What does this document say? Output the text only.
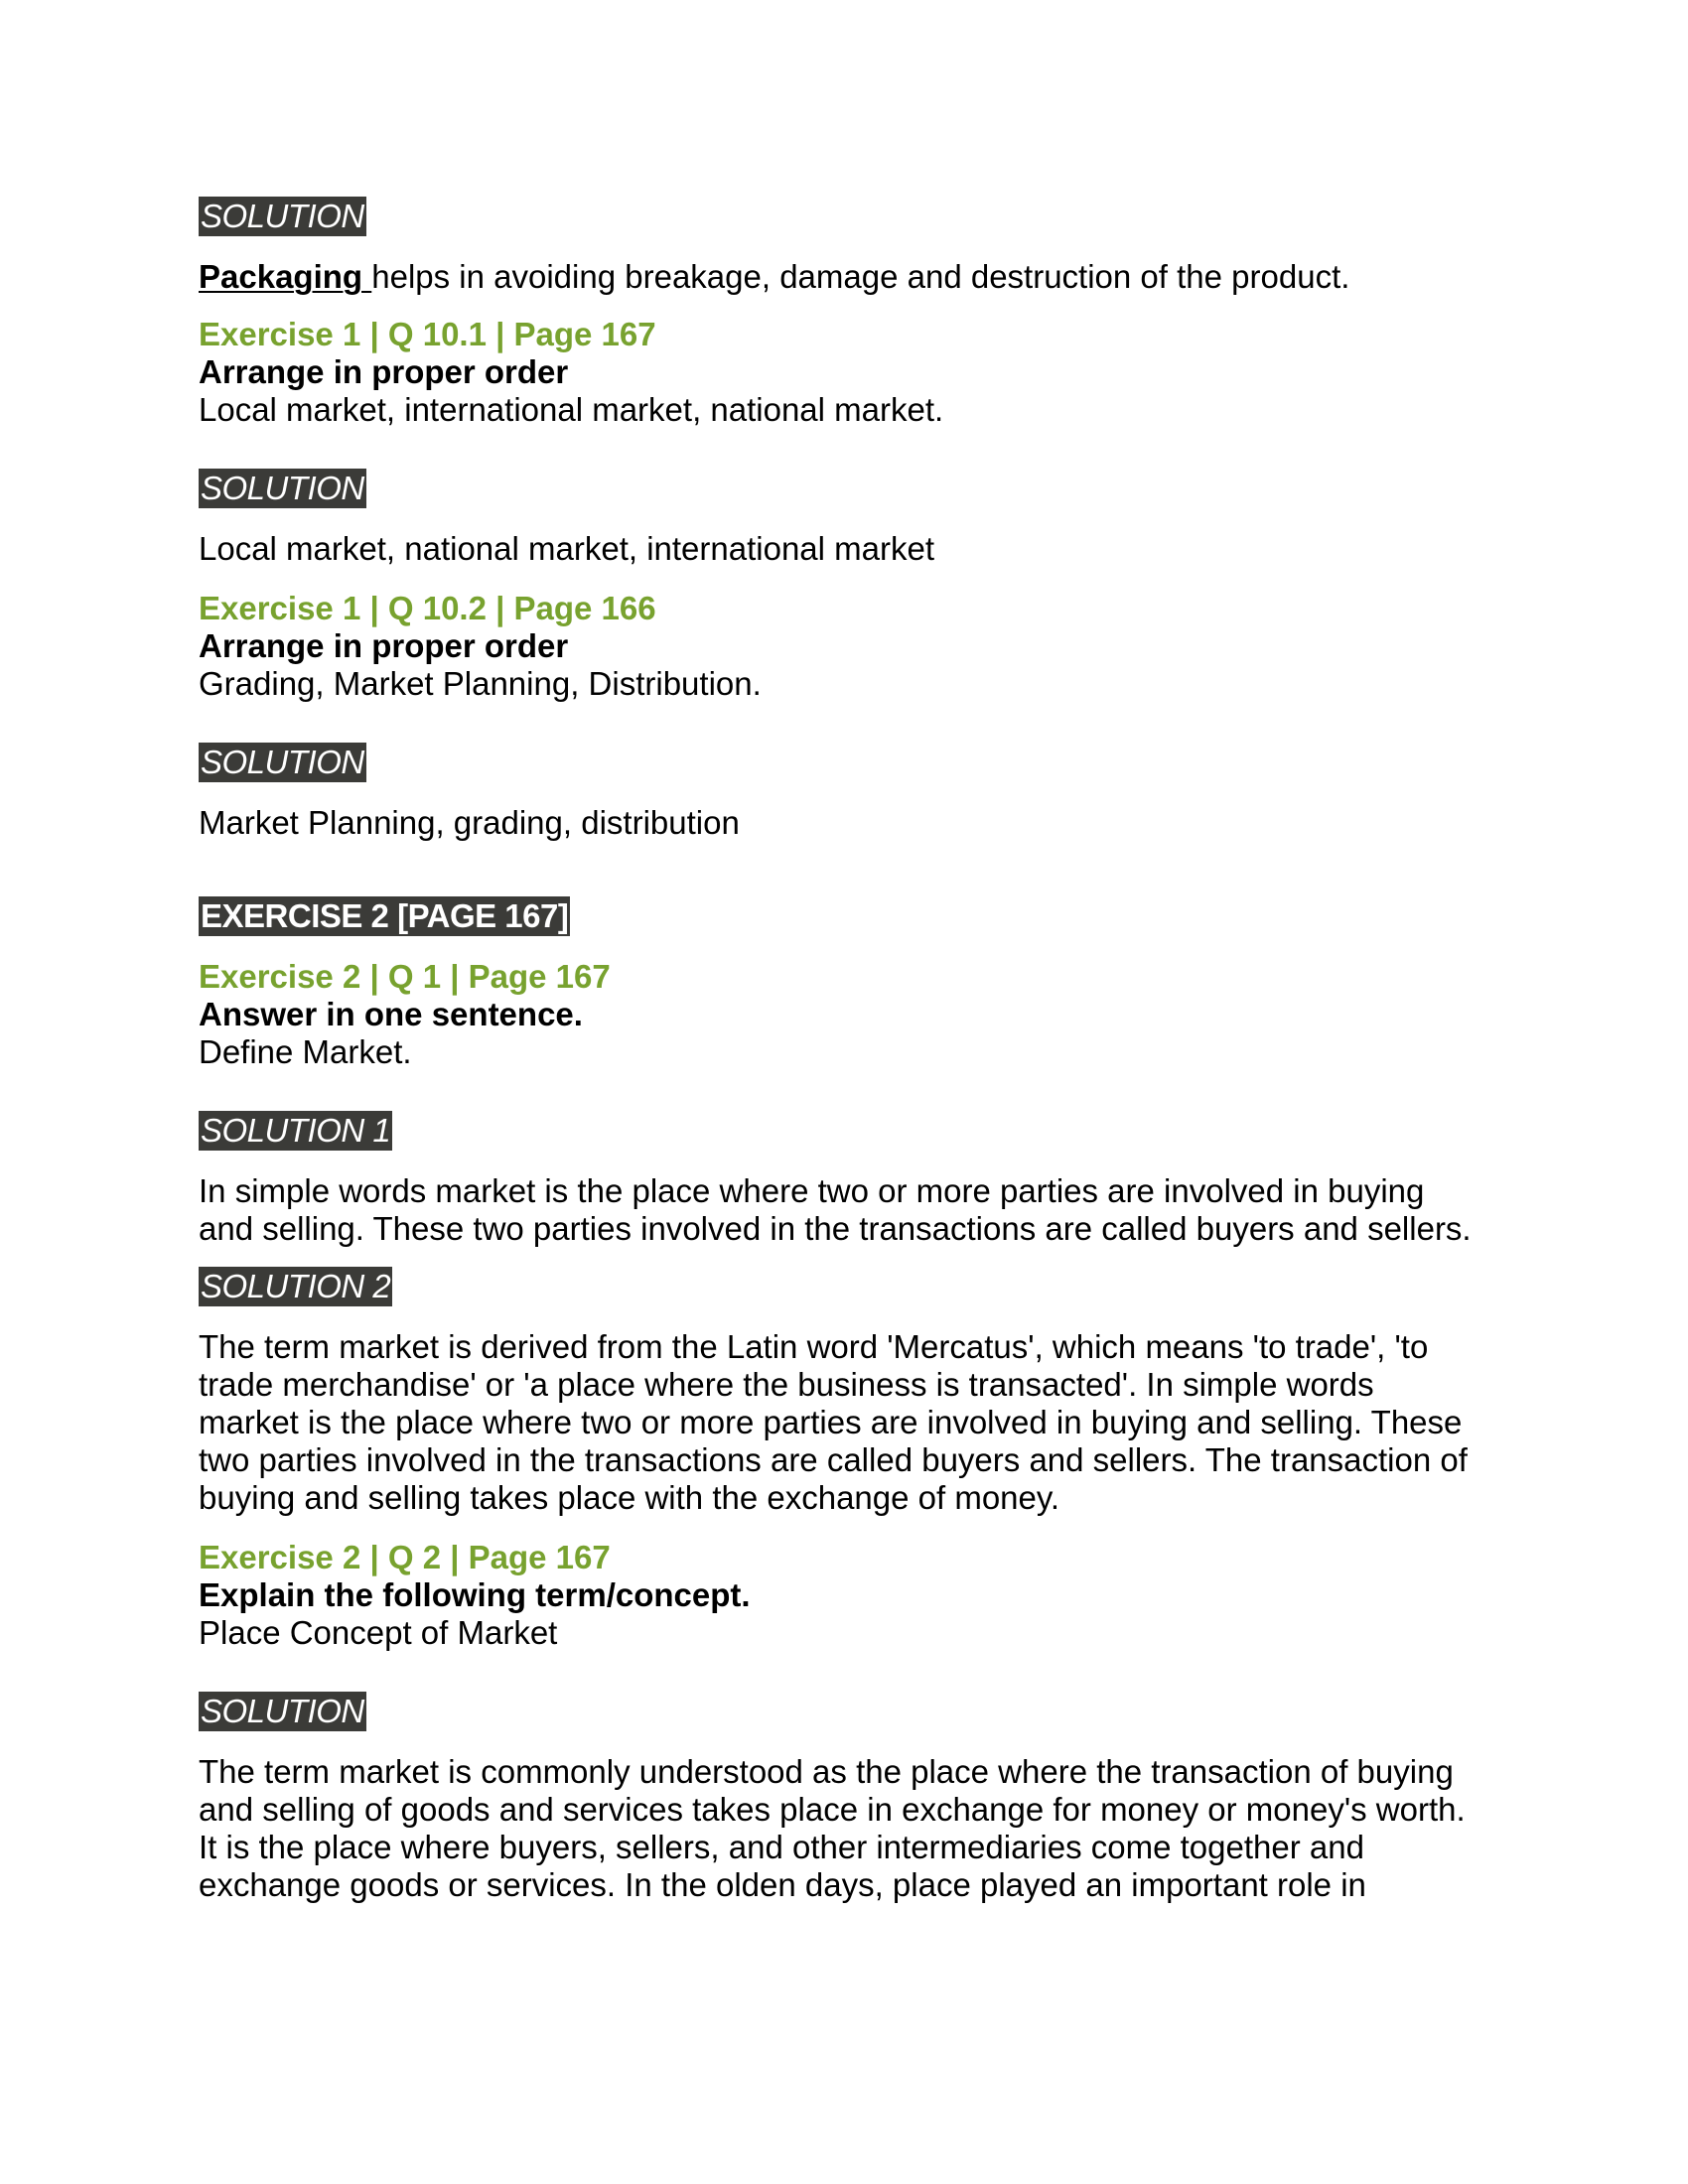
SOLUTION

Packaging helps in avoiding breakage, damage and destruction of the product.

Exercise 1 | Q 10.1 | Page 167

Arrange in proper order

Local market, international market, national market.

SOLUTION

Local market, national market, international market

Exercise 1 | Q 10.2 | Page 166

Arrange in proper order

Grading, Market Planning, Distribution.

SOLUTION

Market Planning, grading, distribution

EXERCISE 2 [PAGE 167]

Exercise 2 | Q 1 | Page 167

Answer in one sentence.

Define Market.

SOLUTION 1

In simple words market is the place where two or more parties are involved in buying

and selling. These two parties involved in the transactions are called buyers and sellers.

SOLUTION 2

The term market is derived from the Latin word 'Mercatus', which means 'to trade', 'to

trade merchandise' or 'a place where the business is transacted'. In simple words

market is the place where two or more parties are involved in buying and selling. These

two parties involved in the transactions are called buyers and sellers. The transaction of

buying and selling takes place with the exchange of money.

Exercise 2 | Q 2 | Page 167

Explain the following term/concept.

Place Concept of Market

SOLUTION

The term market is commonly understood as the place where the transaction of buying

and selling of goods and services takes place in exchange for money or money's worth.

It is the place where buyers, sellers, and other intermediaries come together and

exchange goods or services. In the olden days, place played an important role in
